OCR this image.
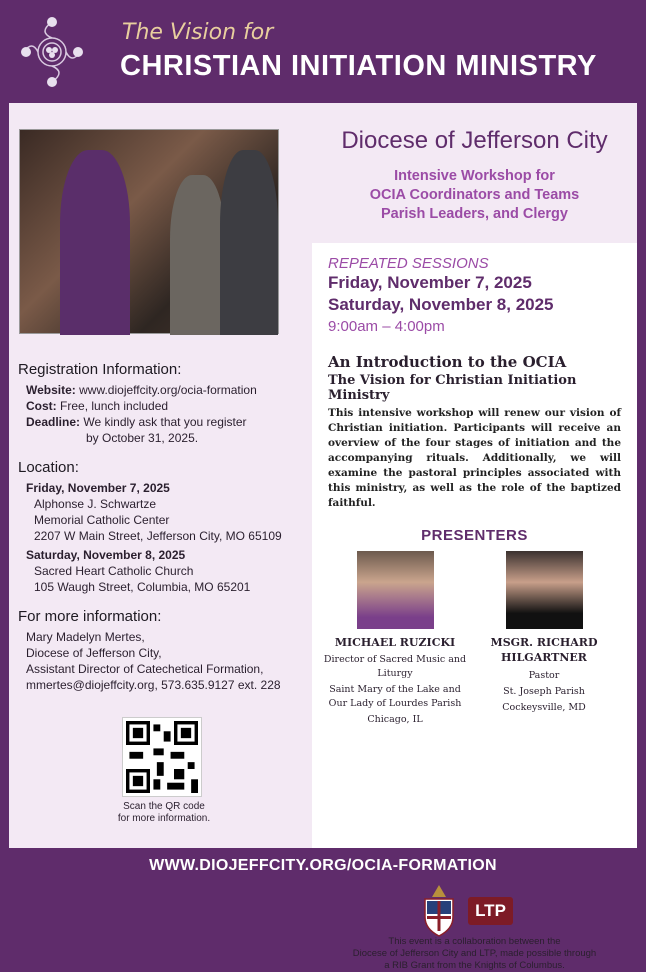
The Vision for
CHRISTIAN INITIATION MINISTRY
Registration Information:
Website: www.diojeffcity.org/ocia-formation
Cost: Free, lunch included
Deadline: We kindly ask that you register
by October 31, 2025.
Location:
Friday, November 7, 2025
Alphonse J. Schwartze
Memorial Catholic Center
2207 W Main Street, Jefferson City, MO 65109
Saturday, November 8, 2025
Sacred Heart Catholic Church
105 Waugh Street, Columbia, MO 65201
For more information:
Mary Madelyn Mertes,
Diocese of Jefferson City,
Assistant Director of Catechetical Formation,
mmertes@diojeffcity.org, 573.635.9127 ext. 228
Scan the QR code
for more information.
Diocese of Jefferson City
Intensive Workshop for
OCIA Coordinators and Teams
Parish Leaders, and Clergy
REPEATED SESSIONS
Friday, November 7, 2025
Saturday, November 8, 2025
9:00am – 4:00pm
An Introduction to the OCIA
The Vision for Christian Initiation Ministry

This intensive workshop will renew our vision of Christian initiation. Participants will receive an overview of the four stages of initiation and the accompanying rituals. Additionally, we will examine the pastoral principles associated with this ministry, as well as the role of the baptized faithful.

PRESENTERS
MICHAEL RUZICKI
Director of Sacred Music and Liturgy
Saint Mary of the Lake and Our Lady of Lourdes Parish
Chicago, IL
MSGR. RICHARD HILGARTNER
Pastor
St. Joseph Parish
Cockeysville, MD
LTP
This event is a collaboration between the
Diocese of Jefferson City and LTP, made possible through
a RIB Grant from the Knights of Columbus.
WWW.DIOJEFFCITY.ORG/OCIA-FORMATION
